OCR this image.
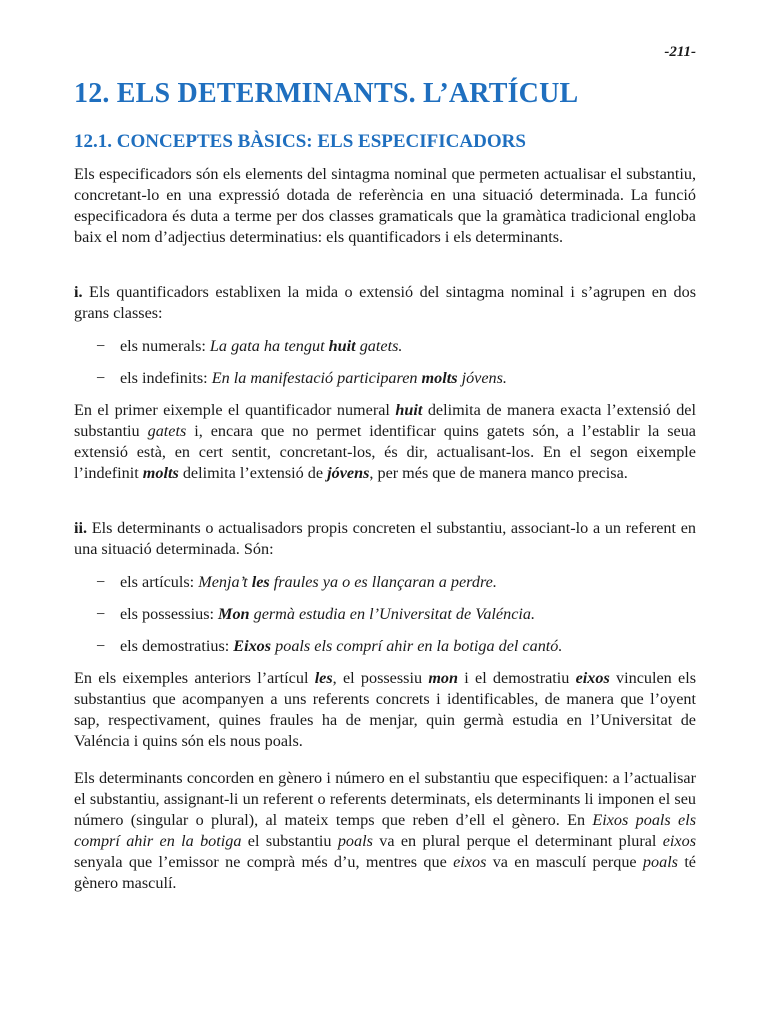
-211-
12. ELS DETERMINANTS. L’ARTÍCUL
12.1. CONCEPTES BÀSICS: ELS ESPECIFICADORS

Els especificadors són els elements del sintagma nominal que permeten actualisar el substantiu, concretant-lo en una expressió dotada de referència en una situació determinada. La funció especificadora és duta a terme per dos classes gramaticals que la gramàtica tradicional engloba baix el nom d’adjectius determinatius: els quantificadors i els determinants.

i. Els quantificadors establixen la mida o extensió del sintagma nominal i s’agrupen en dos grans classes:

− els numerals: La gata ha tengut huit gatets.
− els indefinits: En la manifestació participaren molts jóvens.

En el primer eixemple el quantificador numeral huit delimita de manera exacta l’extensió del substantiu gatets i, encara que no permet identificar quins gatets són, a l’establir la seua extensió està, en cert sentit, concretant-los, és dir, actualisant-los. En el segon eixemple l’indefinit molts delimita l’extensió de jóvens, per més que de manera manco precisa.

ii. Els determinants o actualisadors propis concreten el substantiu, associant-lo a un referent en una situació determinada. Són:

− els artículs: Menja’t les fraules ya o es llançaran a perdre.
− els possessius: Mon germà estudia en l’Universitat de Valéncia.
− els demostratius: Eixos poals els comprí ahir en la botiga del cantó.

En els eixemples anteriors l’artícul les, el possessiu mon i el demostratiu eixos vinculen els substantius que acompanyen a uns referents concrets i identificables, de manera que l’oyent sap, respectivament, quines fraules ha de menjar, quin germà estudia en l’Universitat de Valéncia i quins són els nous poals.

Els determinants concorden en gènero i número en el substantiu que especifiquen: a l’actualisar el substantiu, assignant-li un referent o referents determinats, els determinants li imponen el seu número (singular o plural), al mateix temps que reben d’ell el gènero. En Eixos poals els comprí ahir en la botiga el substantiu poals va en plural perque el determinant plural eixos senyala que l’emissor ne comprà més d’u, mentres que eixos va en masculí perque poals té gènero masculí.
